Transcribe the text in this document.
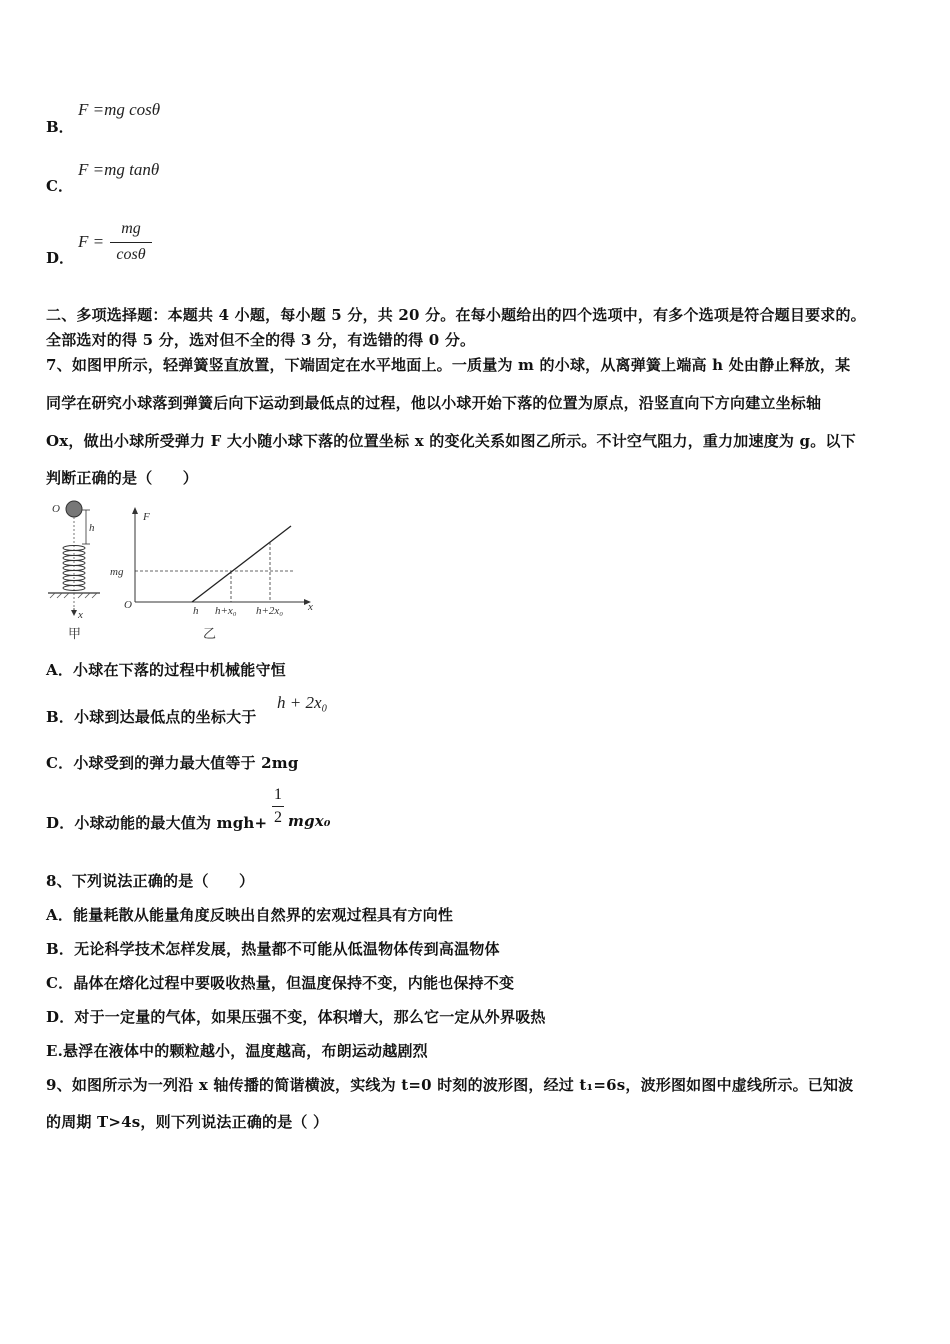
B．
F =mg cosθ
C．
F =mg tanθ
D．
F =
mg
cosθ
二、多项选择题：本题共 4 小题，每小题 5 分，共 20 分。在每小题给出的四个选项中，有多个选项是符合题目要求的。
全部选对的得 5 分，选对但不全的得 3 分，有选错的得 0 分。
7、如图甲所示，轻弹簧竖直放置，下端固定在水平地面上。一质量为 m 的小球，从离弹簧上端高 h 处由静止释放，某
同学在研究小球落到弹簧后向下运动到最低点的过程，他以小球开始下落的位置为原点，沿竖直向下方向建立坐标轴
Ox，做出小球所受弹力 F 大小随小球下落的位置坐标 x 的变化关系如图乙所示。不计空气阻力，重力加速度为 g。以下
判断正确的是（　　）
O
h
x
甲
F
x
O
mg
h h+x₀ h+2x₀
乙
A．小球在下落的过程中机械能守恒
B．小球到达最低点的坐标大于
h + 2x₀
C．小球受到的弹力最大值等于 2mg
D．小球动能的最大值为 mgh+
1
2 mgx₀
8、下列说法正确的是（　　）
A．能量耗散从能量角度反映出自然界的宏观过程具有方向性
B．无论科学技术怎样发展，热量都不可能从低温物体传到高温物体
C．晶体在熔化过程中要吸收热量，但温度保持不变，内能也保持不变
D．对于一定量的气体，如果压强不变，体积增大，那么它一定从外界吸热
E.悬浮在液体中的颗粒越小，温度越高，布朗运动越剧烈
9、如图所示为一列沿 x 轴传播的简谐横波，实线为 t=0 时刻的波形图，经过 t₁=6s，波形图如图中虚线所示。已知波
的周期 T>4s，则下列说法正确的是（ ）
